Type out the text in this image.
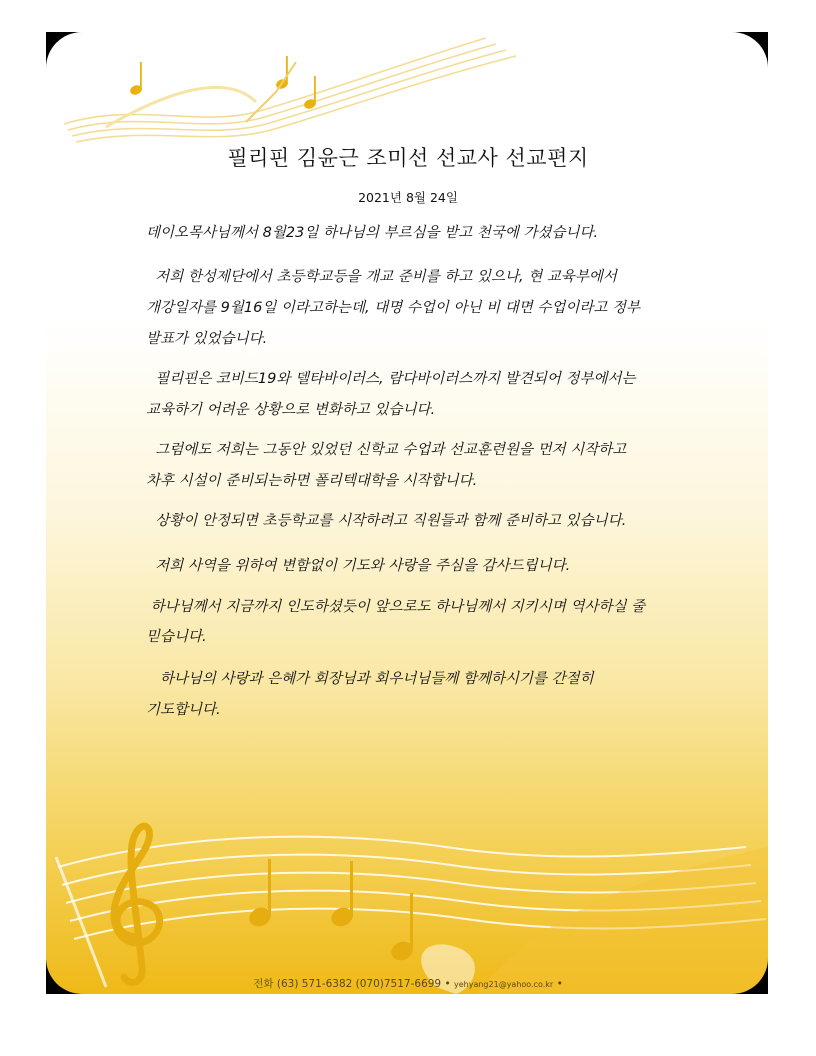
필리핀 김윤근 조미선 선교사 선교편지
2021년 8월 24일
데이오목사님께서 8월23일 하나님의 부르심을 받고 천국에 가셨습니다.
저희 한성제단에서 초등학교등을 개교 준비를 하고 있으나, 현 교육부에서
개강일자를 9월16일 이라고하는데, 대명 수업이 아닌 비 대면 수업이라고 정부
발표가 있었습니다.
필리핀은 코비드19와 델타바이러스, 람다바이러스까지 발견되어 정부에서는
교육하기 어려운 상황으로 변화하고 있습니다.
그럼에도 저희는 그동안 있었던 신학교 수업과 선교훈련원을 먼저 시작하고
차후 시설이 준비되는하면 폴리텍대학을 시작합니다.
상황이 안정되면 초등학교를 시작하려고 직원들과 함께 준비하고 있습니다.
저희 사역을 위하여 변함없이 기도와 사랑을 주심을 감사드립니다.
하나님께서 지금까지 인도하셨듯이 앞으로도 하나님께서 지키시며 역사하실 줄
믿습니다.
하나님의 사랑과 은혜가 회장님과 회우너님들께 함께하시기를 간절히
기도합니다.
전화 (63) 571-6382 (070)7517-6699 • yehyang21@yahoo.co.kr •
